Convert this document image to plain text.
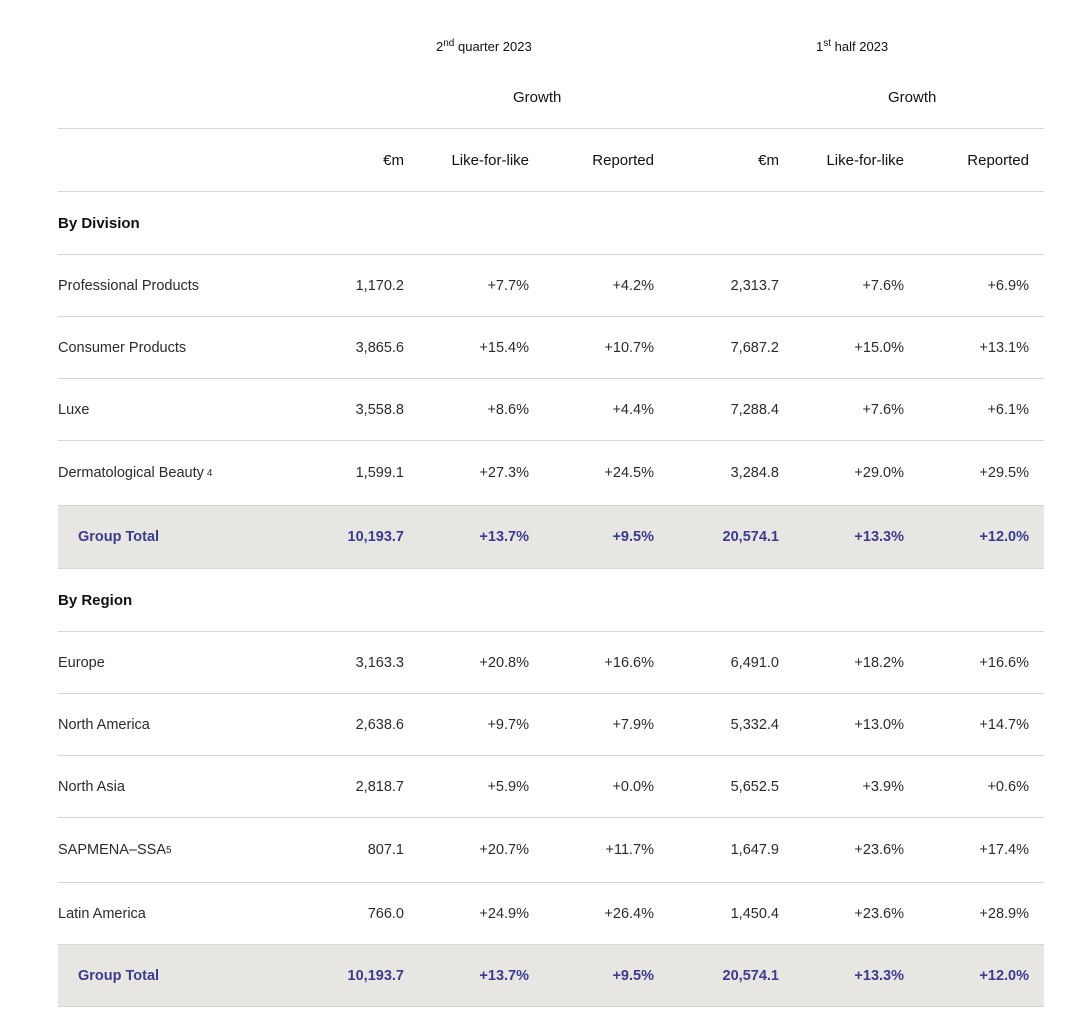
2nd quarter 2023	1st half 2023
Growth	Growth
€m	Like-for-like	Reported	€m	Like-for-like	Reported
By Division
Professional Products	1,170.2	+7.7%	+4.2%	2,313.7	+7.6%	+6.9%
Consumer Products	3,865.6	+15.4%	+10.7%	7,687.2	+15.0%	+13.1%
Luxe	3,558.8	+8.6%	+4.4%	7,288.4	+7.6%	+6.1%
Dermatological Beauty 4	1,599.1	+27.3%	+24.5%	3,284.8	+29.0%	+29.5%
Group Total	10,193.7	+13.7%	+9.5%	20,574.1	+13.3%	+12.0%
By Region
Europe	3,163.3	+20.8%	+16.6%	6,491.0	+18.2%	+16.6%
North America	2,638.6	+9.7%	+7.9%	5,332.4	+13.0%	+14.7%
North Asia	2,818.7	+5.9%	+0.0%	5,652.5	+3.9%	+0.6%
SAPMENA–SSA 5	807.1	+20.7%	+11.7%	1,647.9	+23.6%	+17.4%
Latin America	766.0	+24.9%	+26.4%	1,450.4	+23.6%	+28.9%
Group Total	10,193.7	+13.7%	+9.5%	20,574.1	+13.3%	+12.0%
